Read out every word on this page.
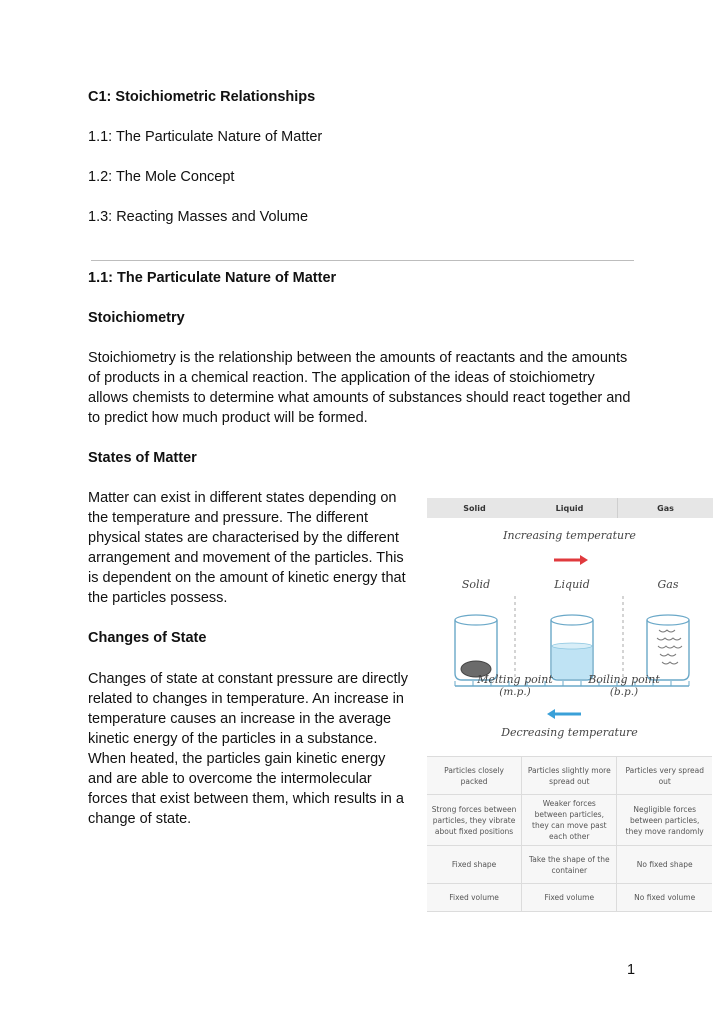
C1: Stoichiometric Relationships
1.1: The Particulate Nature of Matter
1.2: The Mole Concept
1.3: Reacting Masses and Volume
1.1: The Particulate Nature of Matter
Stoichiometry

Stoichiometry is the relationship between the amounts of reactants and the amounts

of products in a chemical reaction. The application of the ideas of stoichiometry

allows chemists to determine what amounts of substances should react together and

to predict how much product will be formed.

States of Matter

Matter can exist in different states depending on

the temperature and pressure. The different

physical states are characterised by the different

arrangement and movement of the particles. This

is dependent on the amount of kinetic energy that

the particles possess.

Changes of State

Changes of state at constant pressure are directly

related to changes in temperature. An increase in

temperature causes an increase in the average

kinetic energy of the particles in a substance.

When heated, the particles gain kinetic energy

and are able to overcome the intermolecular

forces that exist between them, which results in a

change of state.

Solid	Liquid	Gas
Increasing temperature
Solid	Liquid	Gas
Melting point
(m.p.)
Boiling point
(b.p.)
Decreasing temperature
Particles closely packed	Particles slightly more spread out	Particles very spread out
Strong forces between particles, they vibrate about fixed positions	Weaker forces between particles, they can move past each other	Negligible forces between particles, they move randomly
Fixed shape	Take the shape of the container	No fixed shape
Fixed volume	Fixed volume	No fixed volume
1
